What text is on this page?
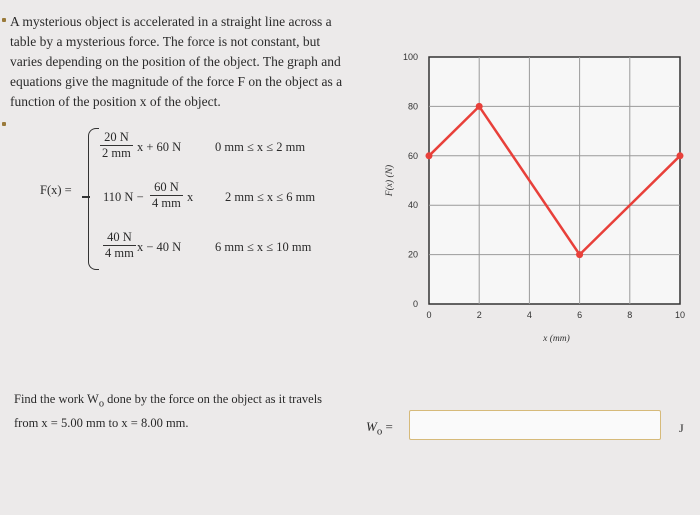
A mysterious object is accelerated in a straight line across a

table by a mysterious force. The force is not constant, but

varies depending on the position of the object. The graph and

equations give the magnitude of the force F on the object as a

function of the position x of the object.

F(x) =
$\frac{20 N}{2 mm}$ x + 60 N	0 mm ≤ x ≤ 2 mm
110 $N - \frac{60 N}{4 mm}$ x	2 mm ≤ x ≤ 6 mm
$\frac{40 N}{4 mm}$ x − 40 N	6 mm ≤ x ≤ 10 mm
0	2	4	6	8	10
0
20
40
60
80
100
x (mm)
F(x) (N)
Find the work $W_o$ done by the force on the object as it travels
from x = 5.00 mm to x = 8.00 mm.	$W_o$ =	J
